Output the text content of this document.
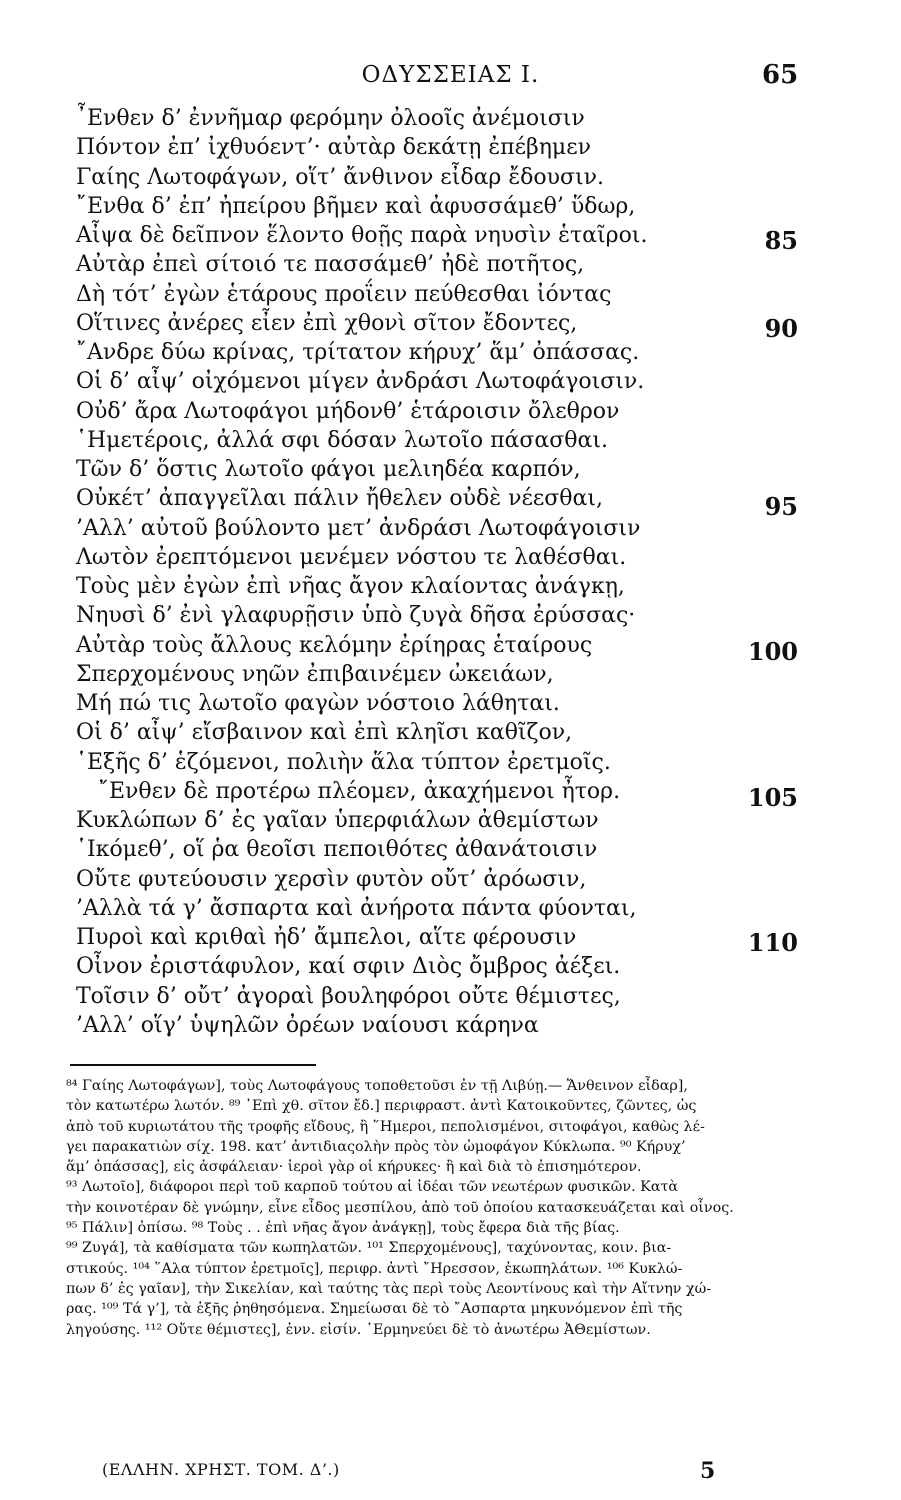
ΟΔΥΣΣΕΙΑΣ Ι.	65
῏Ενθεν δ’ ἐννῆμαρ φερόμην ὀλοοῖς ἀνέμοισιν
Πόντον ἐπ’ ἰχθυόεντ’· αὐτὰρ δεκάτῃ ἐπέβημεν
Γαίης Λωτοφάγων, οἵτ’ ἄνθινον εἶδαρ ἔδουσιν.
῎Ενθα δ’ ἐπ’ ἠπείρου βῆμεν καὶ ἀφυσσάμεθ’ ὕδωρ,
Αἶψα δὲ δεῖπνον ἕλοντο θοῇς παρὰ νηυσὶν ἑταῖροι.
Αὐτὰρ ἐπεὶ σίτοιό τε πασσάμεθ’ ἠδὲ ποτῆτος,
Δὴ τότ’ ἐγὼν ἑτάρους προΐειν πεύθεσθαι ἰόντας
Οἵτινες ἀνέρες εἶεν ἐπὶ χθονὶ σῖτον ἔδοντες,
῎Ανδρε δύω κρίνας, τρίτατον κήρυχ’ ἅμ’ ὀπάσσας.
Οἱ δ’ αἶψ’ οἰχόμενοι μίγεν ἀνδράσι Λωτοφάγοισιν.
Οὐδ’ ἄρα Λωτοφάγοι μήδονθ’ ἑτάροισιν ὄλεθρον
῾Ημετέροις, ἀλλά σφι δόσαν λωτοῖο πάσασθαι.
Τῶν δ’ ὅστις λωτοῖο φάγοι μελιηδέα καρπόν,
Οὐκέτ’ ἀπαγγεῖλαι πάλιν ἤθελεν οὐδὲ νέεσθαι,
’Αλλ’ αὐτοῦ βούλοντο μετ’ ἀνδράσι Λωτοφάγοισιν
Λωτὸν ἐρεπτόμενοι μενέμεν νόστου τε λαθέσθαι.
Τοὺς μὲν ἐγὼν ἐπὶ νῆας ἄγον κλαίοντας ἀνάγκῃ,
Νηυσὶ δ’ ἐνὶ γλαφυρῇσιν ὑπὸ ζυγὰ δῆσα ἐρύσσας·
Αὐτὰρ τοὺς ἄλλους κελόμην ἐρίηρας ἑταίρους
Σπερχομένους νηῶν ἐπιβαινέμεν ὠκειάων,
Μή πώ τις λωτοῖο φαγὼν νόστοιο λάθηται.
Οἱ δ’ αἶψ’ εἴσβαινον καὶ ἐπὶ κληῖσι καθῖζον,
῾Εξῆς δ’ ἑζόμενοι, πολιὴν ἅλα τύπτον ἐρετμοῖς.
῎Ενθεν δὲ προτέρω πλέομεν, ἀκαχήμενοι ἦτορ.
Κυκλώπων δ’ ἐς γαῖαν ὑπερφιάλων ἀθεμίστων
῾Ικόμεθ’, οἵ ῥα θεοῖσι πεποιθότες ἀθανάτοισιν
Οὔτε φυτεύουσιν χερσὶν φυτὸν οὔτ’ ἀρόωσιν,
’Αλλὰ τά γ’ ἄσπαρτα καὶ ἀνήροτα πάντα φύονται,
Πυροὶ καὶ κριθαὶ ἠδ’ ἄμπελοι, αἵτε φέρουσιν
Οἶνον ἐριστάφυλον, καί σφιν Διὸς ὄμβρος ἀέξει.
Τοῖσιν δ’ οὔτ’ ἀγοραὶ βουληφόροι οὔτε θέμιστες,
’Αλλ’ οἵγ’ ὑψηλῶν ὀρέων ναίουσι κάρηνα
85
90
95
100
105
110
⁸⁴ Γαίης Λωτοφάγων], τοὺς Λωτοφάγους τοποθετοῦσι ἐν τῇ Λιβύῃ.— Ἄνθεινον εἶδαρ],
τὸν κατωτέρω λωτόν. ⁸⁹ ᾿Επὶ χθ. σῖτον ἔδ.] περιφραστ. ἀντὶ Κατοικοῦντες, ζῶντες, ὡς
ἀπὸ τοῦ κυριωτάτου τῆς τροφῆς εἴδους, ἢ ῞Ημεροι, πεπολισμένοι, σιτοφάγοι, καθὼς λέ-
γει παρακατιὼν σίχ. 198. κατ’ ἀντιδιαςολὴν πρὸς τὸν ὠμοφάγον Κύκλωπα. ⁹⁰ Κήρυχ’
ἅμ’ ὀπάσσας], εἰς ἀσφάλειαν· ἱεροὶ γὰρ οἱ κήρυκες· ἢ καὶ διὰ τὸ ἐπισημότερον.
⁹³ Λωτοῖο], διάφοροι περὶ τοῦ καρποῦ τούτου αἱ ἰδέαι τῶν νεωτέρων φυσικῶν. Κατὰ
τὴν κοινοτέραν δὲ γνώμην, εἶνε εἶδος μεσπίλου, ἀπὸ τοῦ ὁποίου κατασκευάζεται καὶ οἶνος.
⁹⁵ Πάλιν] ὀπίσω. ⁹⁸ Τοὺς . . ἐπὶ νῆας ἄγον ἀνάγκῃ], τοὺς ἔφερα διὰ τῆς βίας.
⁹⁹ Ζυγά], τὰ καθίσματα τῶν κωπηλατῶν. ¹⁰¹ Σπερχομένους], ταχύνοντας, κοιν. βια-
στικούς. ¹⁰⁴ ῞Αλα τύπτον ἐρετμοῖς], περιφρ. ἀντὶ ῎Ηρεσσον, ἐκωπηλάτων. ¹⁰⁶ Κυκλώ-
πων δ’ ἐς γαῖαν], τὴν Σικελίαν, καὶ ταύτης τὰς περὶ τοὺς Λεοντίνους καὶ τὴν Αἴτνην χώ-
ρας. ¹⁰⁹ Τά γ’], τὰ ἑξῆς ῥηθησόμενα. Σημείωσαι δὲ τὸ ῎Ασπαρτα μηκυνόμενον ἐπὶ τῆς
ληγούσης. ¹¹² Οὔτε θέμιστες], ἐνν. εἰσίν. ῾Ερμηνεύει δὲ τὸ ἀνωτέρω ἈΘεμίστων.
(ΕΛΛΗΝ. ΧΡΗΣΤ. ΤΟΜ. Δ’.)	5
